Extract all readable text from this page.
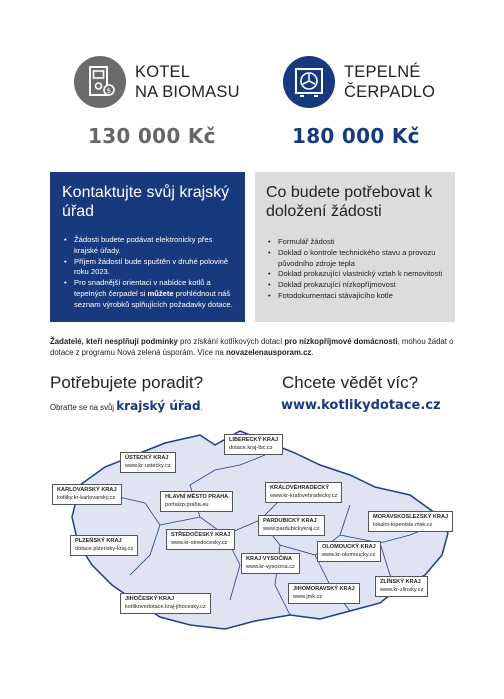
$
KOTEL
NA BIOMASU
130 000 Kč
TEPELNÉ
ČERPADLO
180 000 Kč
Kontaktujte svůj krajský úřad
• Žádosti budete podávat elektronicky přes krajské úřady.
• Příjem žádostí bude spuštěn v druhé polovině roku 2023.
• Pro snadnější orientaci v nabídce kotlů a tepelných čerpadel si můžete prohlédnout náš seznam výrobků splňujících požadavky dotace.
Co budete potřebovat k doložení žádosti
• Formulář žádosti
• Doklad o kontrole technického stavu a provozu původního zdroje tepla
• Doklad prokazující vlastnický vztah k nemovitosti
• Doklad prokazující nízkopříjmovost
• Fotodokumentaci stávajícího kotle
Žadatelé, kteří nesplňují podmínky pro získání kotlíkových dotací pro nízkopříjmové domácnosti, mohou žádat o dotace z programu Nová zelená úsporám. Více na novazelenausporam.cz.
Potřebujete poradit?	Chcete vědět víc?
Obraťte se na svůj krajský úřad.	www.kotlikydotace.cz
LIBERECKÝ KRAJ
dotace.kraj-lbc.cz
ÚSTECKÝ KRAJ
www.kr-ustecky.cz
KARLOVARSKÝ KRAJ
kotliky.kr-karlovarsky.cz	HLAVNÍ MĚSTO PRAHA
portalzp.praha.eu
KRÁLOVÉHRADECKÝ
www.kr-kralovehradecky.cz
PARDUBICKÝ KRAJ
www.pardubickykraj.cz
MORAVSKOSLEZSKÝ KRAJ
lokalni-topeniste.msk.cz
STŘEDOČESKÝ KRAJ
www.kr-stredocesky.cz
PLZEŇSKÝ KRAJ
dotace.plzensky-kraj.cz	OLOMOUCKÝ KRAJ
www.kr-olomoucky.cz
KRAJ VYSOČINA
www.kr-vysocina.cz
JIHOMORAVSKÝ KRAJ
www.jmk.cz
ZLÍNSKÝ KRAJ
www.kr-zlinsky.cz
JIHOČESKÝ KRAJ
kotlikovedotace.kraj-jihocesky.cz
